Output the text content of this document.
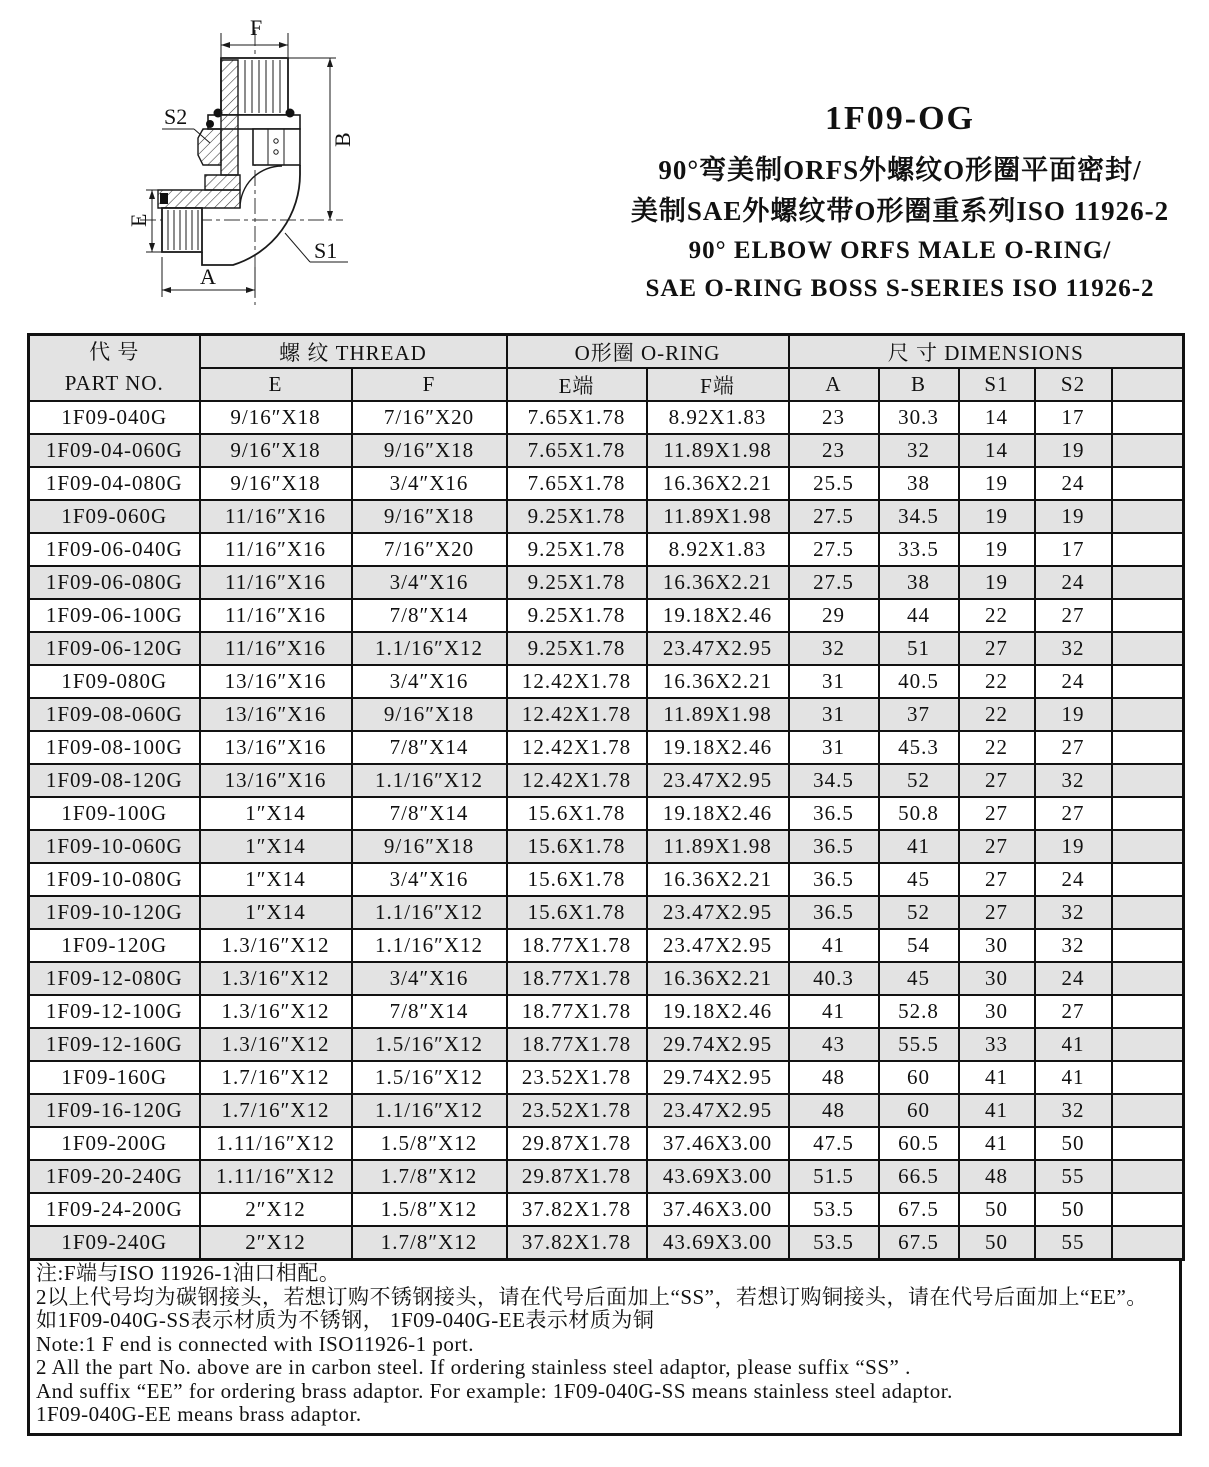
F
B
E
A
S1
S2	1F09-OG
90°弯美制ORFS外螺纹O形圈平面密封/
美制SAE外螺纹带O形圈重系列ISO 11926-2
90° ELBOW ORFS MALE O-RING/
SAE O-RING BOSS S-SERIES ISO 11926-2
代 号
PART NO.	螺 纹 THREAD		O形圈 O-RING		尺 寸 DIMENSIONS				
	E	F	E端	F端	A	B	S1	S2	
1F09-040G	9/16″X18	7/16″X20	7.65X1.78	8.92X1.83	23	30.3	14	17	
1F09-04-060G	9/16″X18	9/16″X18	7.65X1.78	11.89X1.98	23	32	14	19	
1F09-04-080G	9/16″X18	3/4″X16	7.65X1.78	16.36X2.21	25.5	38	19	24	
1F09-060G	11/16″X16	9/16″X18	9.25X1.78	11.89X1.98	27.5	34.5	19	19	
1F09-06-040G	11/16″X16	7/16″X20	9.25X1.78	8.92X1.83	27.5	33.5	19	17	
1F09-06-080G	11/16″X16	3/4″X16	9.25X1.78	16.36X2.21	27.5	38	19	24	
1F09-06-100G	11/16″X16	7/8″X14	9.25X1.78	19.18X2.46	29	44	22	27	
1F09-06-120G	11/16″X16	1.1/16″X12	9.25X1.78	23.47X2.95	32	51	27	32	
1F09-080G	13/16″X16	3/4″X16	12.42X1.78	16.36X2.21	31	40.5	22	24	
1F09-08-060G	13/16″X16	9/16″X18	12.42X1.78	11.89X1.98	31	37	22	19	
1F09-08-100G	13/16″X16	7/8″X14	12.42X1.78	19.18X2.46	31	45.3	22	27	
1F09-08-120G	13/16″X16	1.1/16″X12	12.42X1.78	23.47X2.95	34.5	52	27	32	
1F09-100G	1″X14	7/8″X14	15.6X1.78	19.18X2.46	36.5	50.8	27	27	
1F09-10-060G	1″X14	9/16″X18	15.6X1.78	11.89X1.98	36.5	41	27	19	
1F09-10-080G	1″X14	3/4″X16	15.6X1.78	16.36X2.21	36.5	45	27	24	
1F09-10-120G	1″X14	1.1/16″X12	15.6X1.78	23.47X2.95	36.5	52	27	32	
1F09-120G	1.3/16″X12	1.1/16″X12	18.77X1.78	23.47X2.95	41	54	30	32	
1F09-12-080G	1.3/16″X12	3/4″X16	18.77X1.78	16.36X2.21	40.3	45	30	24	
1F09-12-100G	1.3/16″X12	7/8″X14	18.77X1.78	19.18X2.46	41	52.8	30	27	
1F09-12-160G	1.3/16″X12	1.5/16″X12	18.77X1.78	29.74X2.95	43	55.5	33	41	
1F09-160G	1.7/16″X12	1.5/16″X12	23.52X1.78	29.74X2.95	48	60	41	41	
1F09-16-120G	1.7/16″X12	1.1/16″X12	23.52X1.78	23.47X2.95	48	60	41	32	
1F09-200G	1.11/16″X12	1.5/8″X12	29.87X1.78	37.46X3.00	47.5	60.5	41	50	
1F09-20-240G	1.11/16″X12	1.7/8″X12	29.87X1.78	43.69X3.00	51.5	66.5	48	55	
1F09-24-200G	2″X12	1.5/8″X12	37.82X1.78	37.46X3.00	53.5	67.5	50	50	
1F09-240G	2″X12	1.7/8″X12	37.82X1.78	43.69X3.00	53.5	67.5	50	55	
注:F端与ISO 11926-1油口相配。
2以上代号均为碳钢接头，若想订购不锈钢接头，请在代号后面加上“SS”，若想订购铜接头，请在代号后面加上“EE”。
如1F09-040G-SS表示材质为不锈钢， 1F09-040G-EE表示材质为铜
Note:1 F end is connected with ISO11926-1 port.
2 All the part No. above are in carbon steel. If ordering stainless steel adaptor, please suffix “SS” .
And suffix “EE” for ordering brass adaptor. For example: 1F09-040G-SS means stainless steel adaptor.
1F09-040G-EE means brass adaptor.
